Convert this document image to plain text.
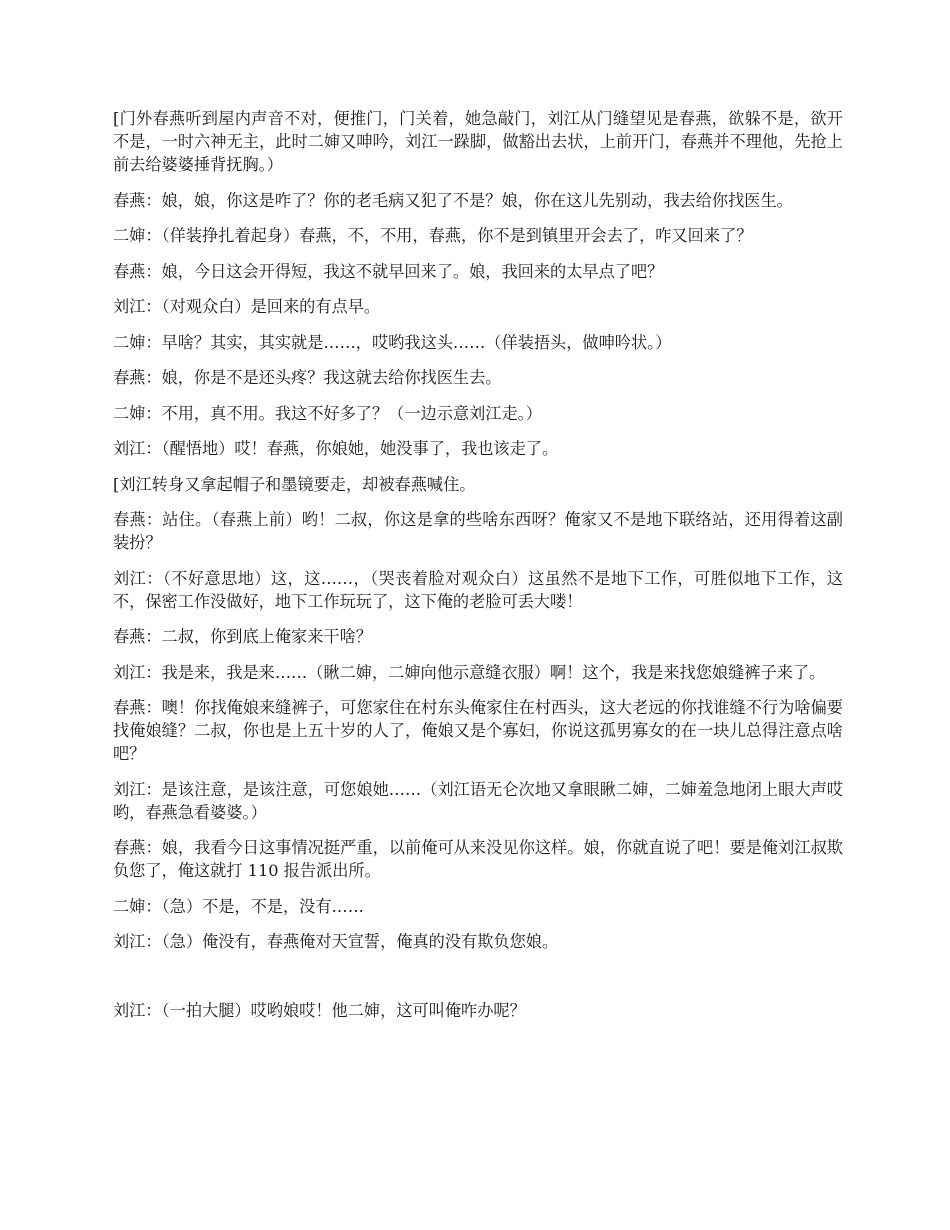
[门外春燕听到屋内声音不对，便推门，门关着，她急敲门，刘江从门缝望见是春燕，欲躲不是，欲开不是，一时六神无主，此时二婶又呻吟，刘江一跺脚，做豁出去状，上前开门，春燕并不理他，先抢上前去给婆婆捶背抚胸。）

春燕：娘，娘，你这是咋了？你的老毛病又犯了不是？娘，你在这儿先别动，我去给你找医生。

二婶：（佯装挣扎着起身）春燕，不，不用，春燕，你不是到镇里开会去了，咋又回来了？

春燕：娘，今日这会开得短，我这不就早回来了。娘，我回来的太早点了吧？

刘江：（对观众白）是回来的有点早。

二婶：早啥？其实，其实就是……，哎哟我这头……（佯装捂头，做呻吟状。）

春燕：娘，你是不是还头疼？我这就去给你找医生去。

二婶：不用，真不用。我这不好多了？（一边示意刘江走。）

刘江：（醒悟地）哎！春燕，你娘她，她没事了，我也该走了。

[刘江转身又拿起帽子和墨镜要走，却被春燕喊住。

春燕：站住。（春燕上前）哟！二叔，你这是拿的些啥东西呀？俺家又不是地下联络站，还用得着这副装扮？

刘江：（不好意思地）这，这……，（哭丧着脸对观众白）这虽然不是地下工作，可胜似地下工作，这不，保密工作没做好，地下工作玩玩了，这下俺的老脸可丢大喽！

春燕：二叔，你到底上俺家来干啥？

刘江：我是来，我是来……（瞅二婶，二婶向他示意缝衣服）啊！这个，我是来找您娘缝裤子来了。

春燕：噢！你找俺娘来缝裤子，可您家住在村东头俺家住在村西头，这大老远的你找谁缝不行为啥偏要找俺娘缝？二叔，你也是上五十岁的人了，俺娘又是个寡妇，你说这孤男寡女的在一块儿总得注意点啥吧？

刘江：是该注意，是该注意，可您娘她……（刘江语无仑次地又拿眼瞅二婶，二婶羞急地闭上眼大声哎哟，春燕急看婆婆。）

春燕：娘，我看今日这事情况挺严重，以前俺可从来没见你这样。娘，你就直说了吧！要是俺刘江叔欺负您了，俺这就打 110 报告派出所。

二婶：（急）不是，不是，没有……

刘江：（急）俺没有，春燕俺对天宣誓，俺真的没有欺负您娘。

刘江：（一拍大腿）哎哟娘哎！他二婶，这可叫俺咋办呢？
